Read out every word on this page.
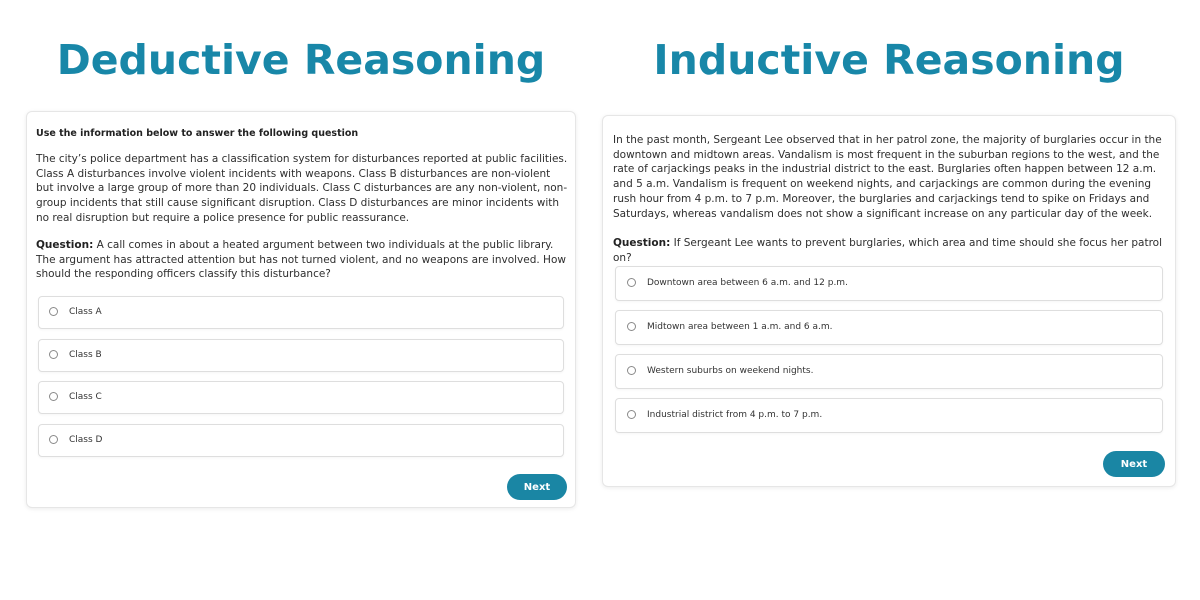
Deductive Reasoning	Inductive Reasoning
Use the information below to answer the following question

The city’s police department has a classification system for disturbances reported at public facilities. Class A disturbances involve violent incidents with weapons. Class B disturbances are non-violent but involve a large group of more than 20 individuals. Class C disturbances are any non-violent, non-group incidents that still cause significant disruption. Class D disturbances are minor incidents with no real disruption but require a police presence for public reassurance.

Question: A call comes in about a heated argument between two individuals at the public library. The argument has attracted attention but has not turned violent, and no weapons are involved. How should the responding officers classify this disturbance?

Class A
Class B
Class C
Class D
Next

In the past month, Sergeant Lee observed that in her patrol zone, the majority of burglaries occur in the downtown and midtown areas. Vandalism is most frequent in the suburban regions to the west, and the rate of carjackings peaks in the industrial district to the east. Burglaries often happen between 12 a.m. and 5 a.m. Vandalism is frequent on weekend nights, and carjackings are common during the evening rush hour from 4 p.m. to 7 p.m. Moreover, the burglaries and carjackings tend to spike on Fridays and Saturdays, whereas vandalism does not show a significant increase on any particular day of the week.

Question: If Sergeant Lee wants to prevent burglaries, which area and time should she focus her patrol on?

Downtown area between 6 a.m. and 12 p.m.
Midtown area between 1 a.m. and 6 a.m.
Western suburbs on weekend nights.
Industrial district from 4 p.m. to 7 p.m.
Next
